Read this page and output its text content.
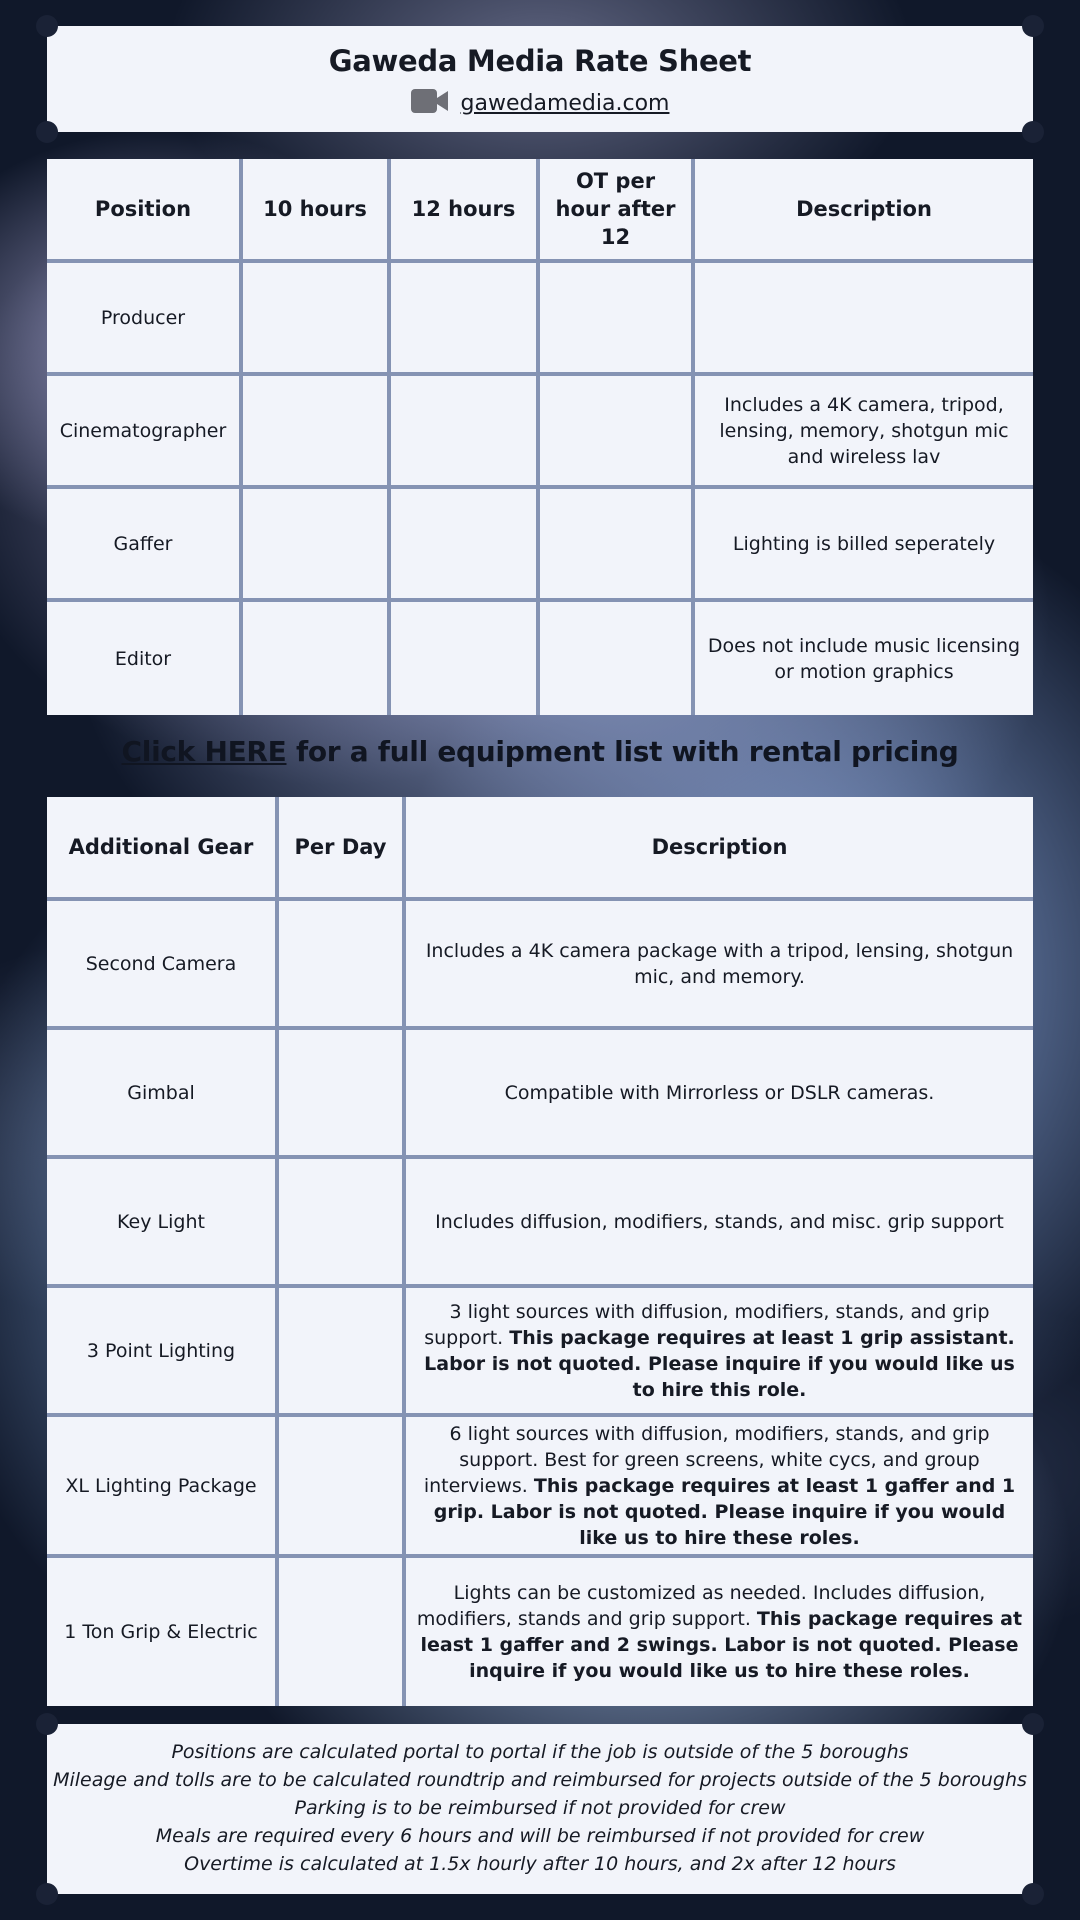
Gaweda Media Rate Sheet
gawedamedia.com
Position	10 hours	12 hours	OT per hour after 12	Description
Producer				
Cinematographer				Includes a 4K camera, tripod, lensing, memory, shotgun mic and wireless lav
Gaffer				Lighting is billed seperately
Editor				Does not include music licensing or motion graphics
Click HERE for a full equipment list with rental pricing
Additional Gear	Per Day	Description
Second Camera		Includes a 4K camera package with a tripod, lensing, shotgun mic, and memory.
Gimbal		Compatible with Mirrorless or DSLR cameras.
Key Light		Includes diffusion, modifiers, stands, and misc. grip support
3 Point Lighting		3 light sources with diffusion, modifiers, stands, and grip support. This package requires at least 1 grip assistant. Labor is not quoted. Please inquire if you would like us to hire this role.
XL Lighting Package		6 light sources with diffusion, modifiers, stands, and grip support. Best for green screens, white cycs, and group interviews. This package requires at least 1 gaffer and 1 grip. Labor is not quoted. Please inquire if you would like us to hire these roles.
1 Ton Grip & Electric		Lights can be customized as needed. Includes diffusion, modifiers, stands and grip support. This package requires at least 1 gaffer and 2 swings. Labor is not quoted. Please inquire if you would like us to hire these roles.
Positions are calculated portal to portal if the job is outside of the 5 boroughs
Mileage and tolls are to be calculated roundtrip and reimbursed for projects outside of the 5 boroughs
Parking is to be reimbursed if not provided for crew
Meals are required every 6 hours and will be reimbursed if not provided for crew
Overtime is calculated at 1.5x hourly after 10 hours, and 2x after 12 hours
